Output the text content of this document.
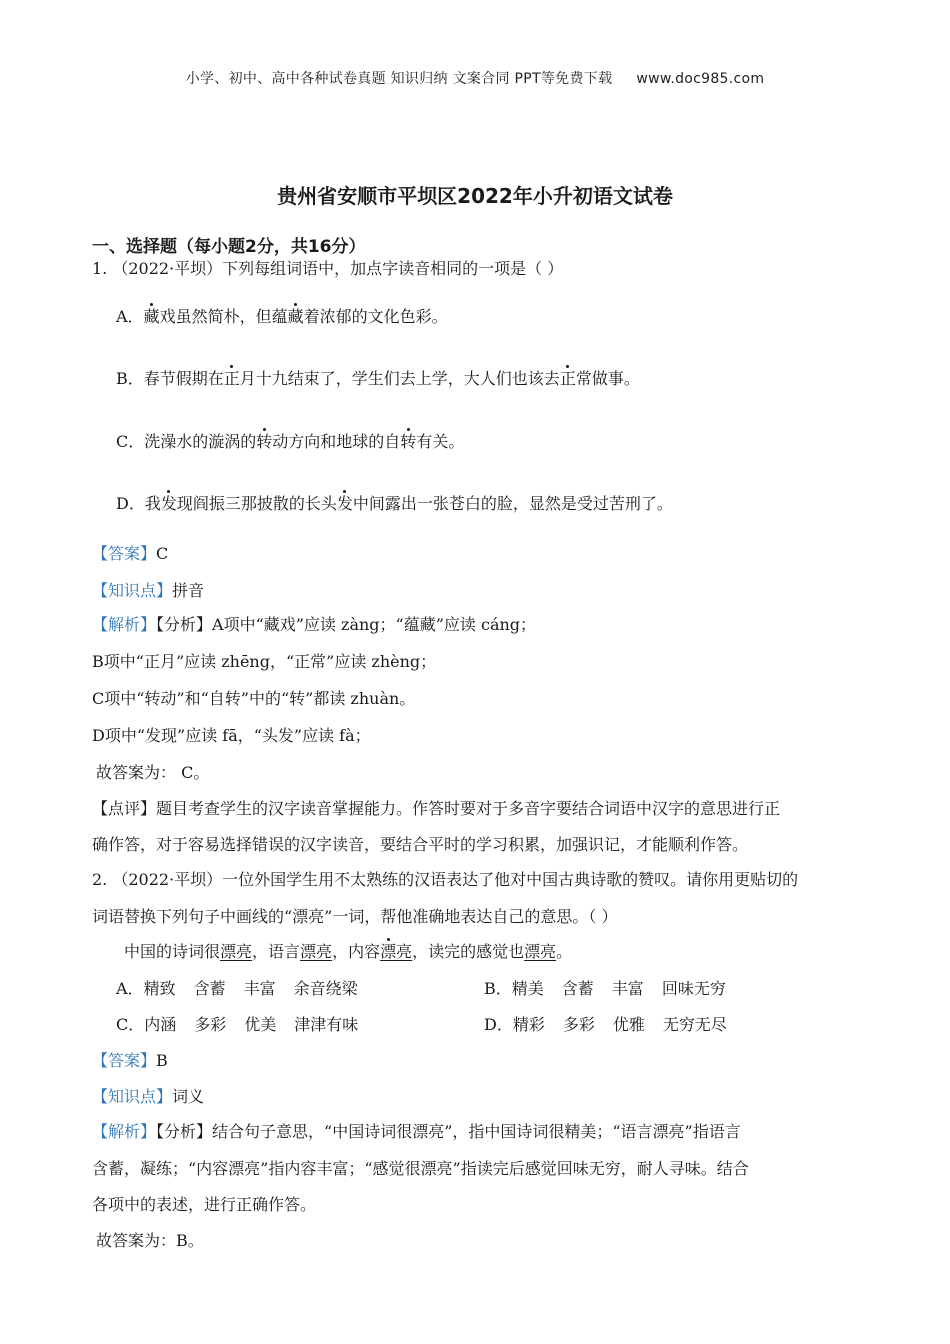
小学、初中、高中各种试卷真题 知识归纳 文案合同 PPT等免费下载 www.doc985.com
贵州省安顺市平坝区2022年小升初语文试卷
一、选择题（每小题2分，共16分）
1. （2022·平坝）下列每组词语中，加点字读音相同的一项是（ ）
A．藏戏虽然简朴，但蕴藏着浓郁的文化色彩。
B．春节假期在正月十九结束了，学生们去上学，大人们也该去正常做事。
C．洗澡水的漩涡的转动方向和地球的自转有关。
D．我发现阎振三那披散的长头发中间露出一张苍白的脸，显然是受过苦刑了。
【答案】C
【知识点】拼音
【解析】【分析】A项中“藏戏”应读 zàng；“蕴藏”应读 cáng；
B项中“正月”应读 zhēng，“正常”应读 zhèng；
C项中“转动”和“自转”中的“转”都读 zhuàn。
D项中“发现”应读 fā，“头发”应读 fà；
故答案为： C。
【点评】题目考查学生的汉字读音掌握能力。作答时要对于多音字要结合词语中汉字的意思进行正
确作答，对于容易选择错误的汉字读音，要结合平时的学习积累，加强识记，才能顺利作答。
2. （2022·平坝）一位外国学生用不太熟练的汉语表达了他对中国古典诗歌的赞叹。请你用更贴切的
词语替换下列句子中画线的“漂亮”一词，帮他准确地表达自己的意思。（ ）
中国的诗词很漂亮，语言漂亮，内容漂亮，读完的感觉也漂亮。
A．精致 含蓄 丰富 余音绕梁	B．精美 含蓄 丰富 回味无穷
C．内涵 多彩 优美 津津有味	D．精彩 多彩 优雅 无穷无尽
【答案】B
【知识点】词义
【解析】【分析】结合句子意思，“中国诗词很漂亮”，指中国诗词很精美；“语言漂亮”指语言
含蓄，凝练；“内容漂亮”指内容丰富；“感觉很漂亮”指读完后感觉回味无穷，耐人寻味。结合
各项中的表述，进行正确作答。
故答案为：B。
